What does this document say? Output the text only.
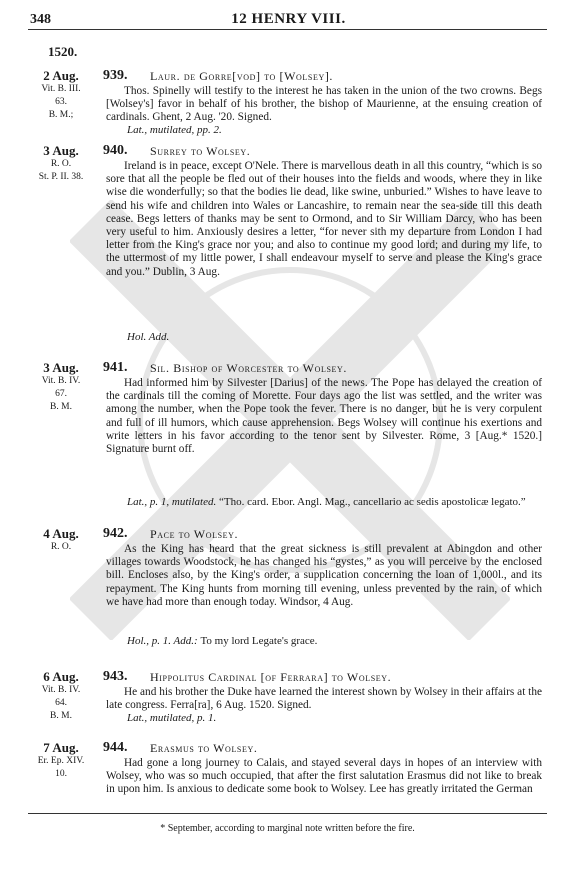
348	12 HENRY VIII.
1520.
2 Aug.
Vit. B. III.
63.
B. M.;
939. Laur. de Gorre[vod] to [Wolsey].
Thos. Spinelly will testify to the interest he has taken in the union of the two crowns. Begs [Wolsey's] favor in behalf of his brother, the bishop of Maurienne, at the ensuing creation of cardinals. Ghent, 2 Aug. '20. Signed.
Lat., mutilated, pp. 2.
3 Aug.
R. O.
St. P. II. 38.
940. Surrey to Wolsey.
Ireland is in peace, except O'Nele. There is marvellous death in all this country, “which is so sore that all the people be fled out of their houses into the fields and woods, where they in like wise die wonderfully; so that the bodies lie dead, like swine, unburied.” Wishes to have leave to send his wife and children into Wales or Lancashire, to remain near the sea-side till this death cease. Begs letters of thanks may be sent to Ormond, and to Sir William Darcy, who has been very useful to him. Anxiously desires a letter, “for never sith my departure from London I had letter from the King's grace nor you; and also to continue my good lord; and during my life, to the uttermost of my little power, I shall endeavour myself to serve and please the King's grace and you.” Dublin, 3 Aug.
Hol. Add.
3 Aug.
Vit. B. IV.
67.
B. M.
941. Sil. Bishop of Worcester to Wolsey.
Had informed him by Silvester [Darius] of the news. The Pope has delayed the creation of the cardinals till the coming of Morette. Four days ago the list was settled, and the writer was among the number, when the Pope took the fever. There is no danger, but he is very corpulent and full of ill humors, which cause apprehension. Begs Wolsey will continue his exertions and write letters in his favor according to the tenor sent by Silvester. Rome, 3 [Aug.* 1520.] Signature burnt off.
Lat., p. 1, mutilated. “Tho. card. Ebor. Angl. Mag., cancellario ac sedis apostolicæ legato.”
4 Aug.
R. O.
942. Pace to Wolsey.
As the King has heard that the great sickness is still prevalent at Abingdon and other villages towards Woodstock, he has changed his “gystes,” as you will perceive by the enclosed bill. Encloses also, by the King's order, a supplication concerning the loan of 1,000l., and its repayment. The King hunts from morning till evening, unless prevented by the rain, of which we have had more than enough today. Windsor, 4 Aug.
Hol., p. 1. Add.: To my lord Legate's grace.
6 Aug.
Vit. B. IV.
64.
B. M.
943. Hippolitus Cardinal [of Ferrara] to Wolsey.
He and his brother the Duke have learned the interest shown by Wolsey in their affairs at the late congress. Ferra[ra], 6 Aug. 1520. Signed.
Lat., mutilated, p. 1.
7 Aug.
Er. Ep. XIV.
10.
944. Erasmus to Wolsey.
Had gone a long journey to Calais, and stayed several days in hopes of an interview with Wolsey, who was so much occupied, that after the first salutation Erasmus did not like to break in upon him. Is anxious to dedicate some book to Wolsey. Lee has greatly irritated the German
* September, according to marginal note written before the fire.
